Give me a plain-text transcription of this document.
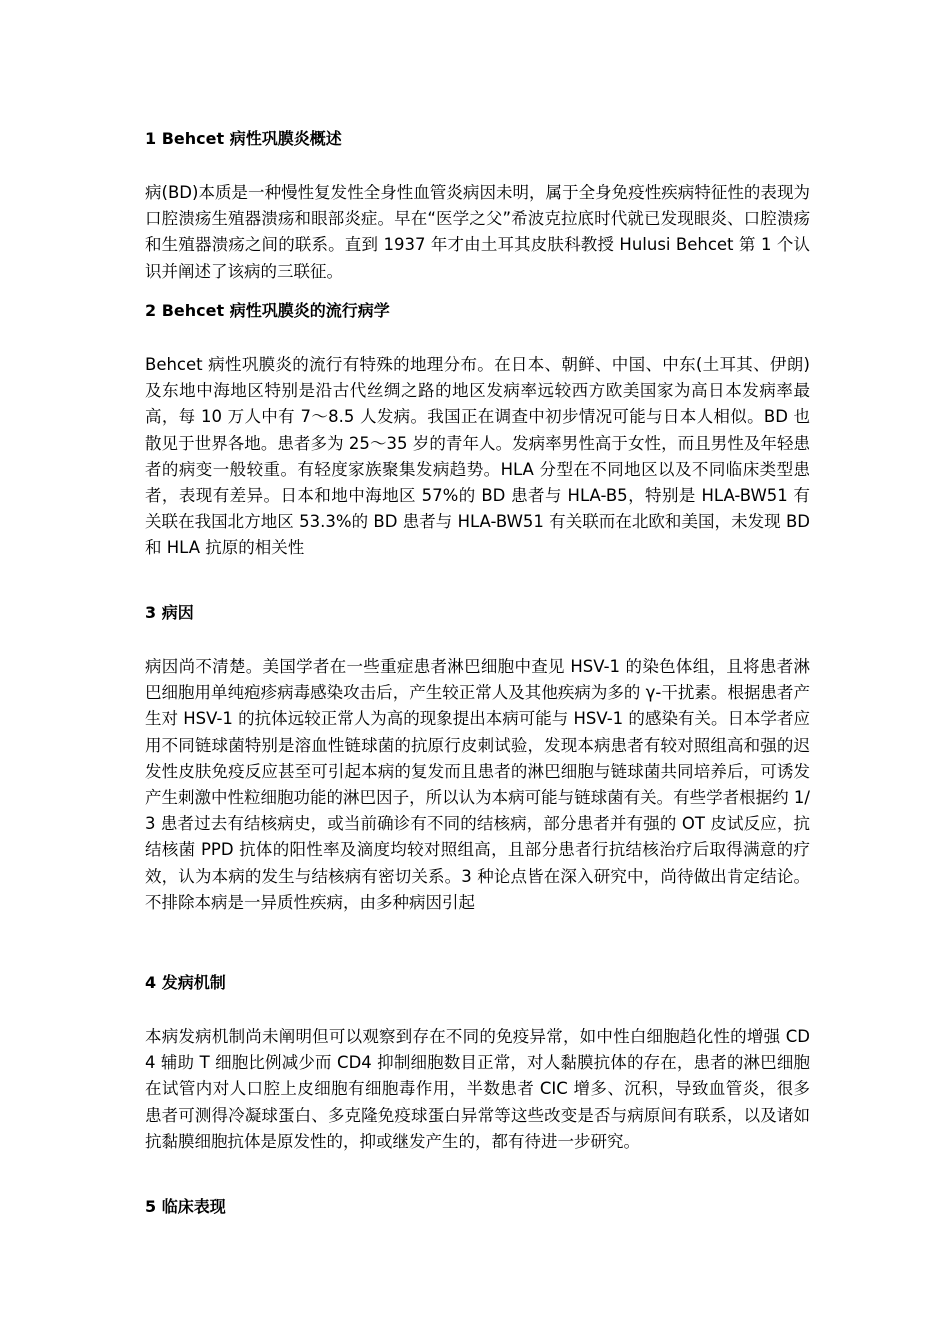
1 Behcet 病性巩膜炎概述

病(BD)本质是一种慢性复发性全身性血管炎病因未明，属于全身免疫性疾病特征性的表现为口腔溃疡生殖器溃疡和眼部炎症。早在“医学之父”希波克拉底时代就已发现眼炎、口腔溃疡和生殖器溃疡之间的联系。直到 1937 年才由土耳其皮肤科教授 Hulusi Behcet 第 1 个认识并阐述了该病的三联征。

2 Behcet 病性巩膜炎的流行病学

Behcet 病性巩膜炎的流行有特殊的地理分布。在日本、朝鲜、中国、中东(土耳其、伊朗)及东地中海地区特别是沿古代丝绸之路的地区发病率远较西方欧美国家为高日本发病率最高，每 10 万人中有 7～8.5 人发病。我国正在调查中初步情况可能与日本人相似。BD 也散见于世界各地。患者多为 25～35 岁的青年人。发病率男性高于女性，而且男性及年轻患者的病变一般较重。有轻度家族聚集发病趋势。HLA 分型在不同地区以及不同临床类型患者，表现有差异。日本和地中海地区 57%的 BD 患者与 HLA-B5，特别是 HLA-BW51 有关联在我国北方地区 53.3%的 BD 患者与 HLA-BW51 有关联而在北欧和美国，未发现 BD 和 HLA 抗原的相关性

3 病因

病因尚不清楚。美国学者在一些重症患者淋巴细胞中查见 HSV-1 的染色体组，且将患者淋巴细胞用单纯疱疹病毒感染攻击后，产生较正常人及其他疾病为多的 γ-干扰素。根据患者产生对 HSV-1 的抗体远较正常人为高的现象提出本病可能与 HSV-1 的感染有关。日本学者应用不同链球菌特别是溶血性链球菌的抗原行皮刺试验，发现本病患者有较对照组高和强的迟发性皮肤免疫反应甚至可引起本病的复发而且患者的淋巴细胞与链球菌共同培养后，可诱发产生刺激中性粒细胞功能的淋巴因子，所以认为本病可能与链球菌有关。有些学者根据约 1/3 患者过去有结核病史，或当前确诊有不同的结核病，部分患者并有强的 OT 皮试反应，抗结核菌 PPD 抗体的阳性率及滴度均较对照组高，且部分患者行抗结核治疗后取得满意的疗效，认为本病的发生与结核病有密切关系。3 种论点皆在深入研究中，尚待做出肯定结论。不排除本病是一异质性疾病，由多种病因引起

4 发病机制

本病发病机制尚未阐明但可以观察到存在不同的免疫异常，如中性白细胞趋化性的增强 CD4 辅助 T 细胞比例减少而 CD4 抑制细胞数目正常，对人黏膜抗体的存在，患者的淋巴细胞在试管内对人口腔上皮细胞有细胞毒作用，半数患者 CIC 增多、沉积，导致血管炎，很多患者可测得冷凝球蛋白、多克隆免疫球蛋白异常等这些改变是否与病原间有联系，以及诸如抗黏膜细胞抗体是原发性的，抑或继发产生的，都有待进一步研究。

5 临床表现
